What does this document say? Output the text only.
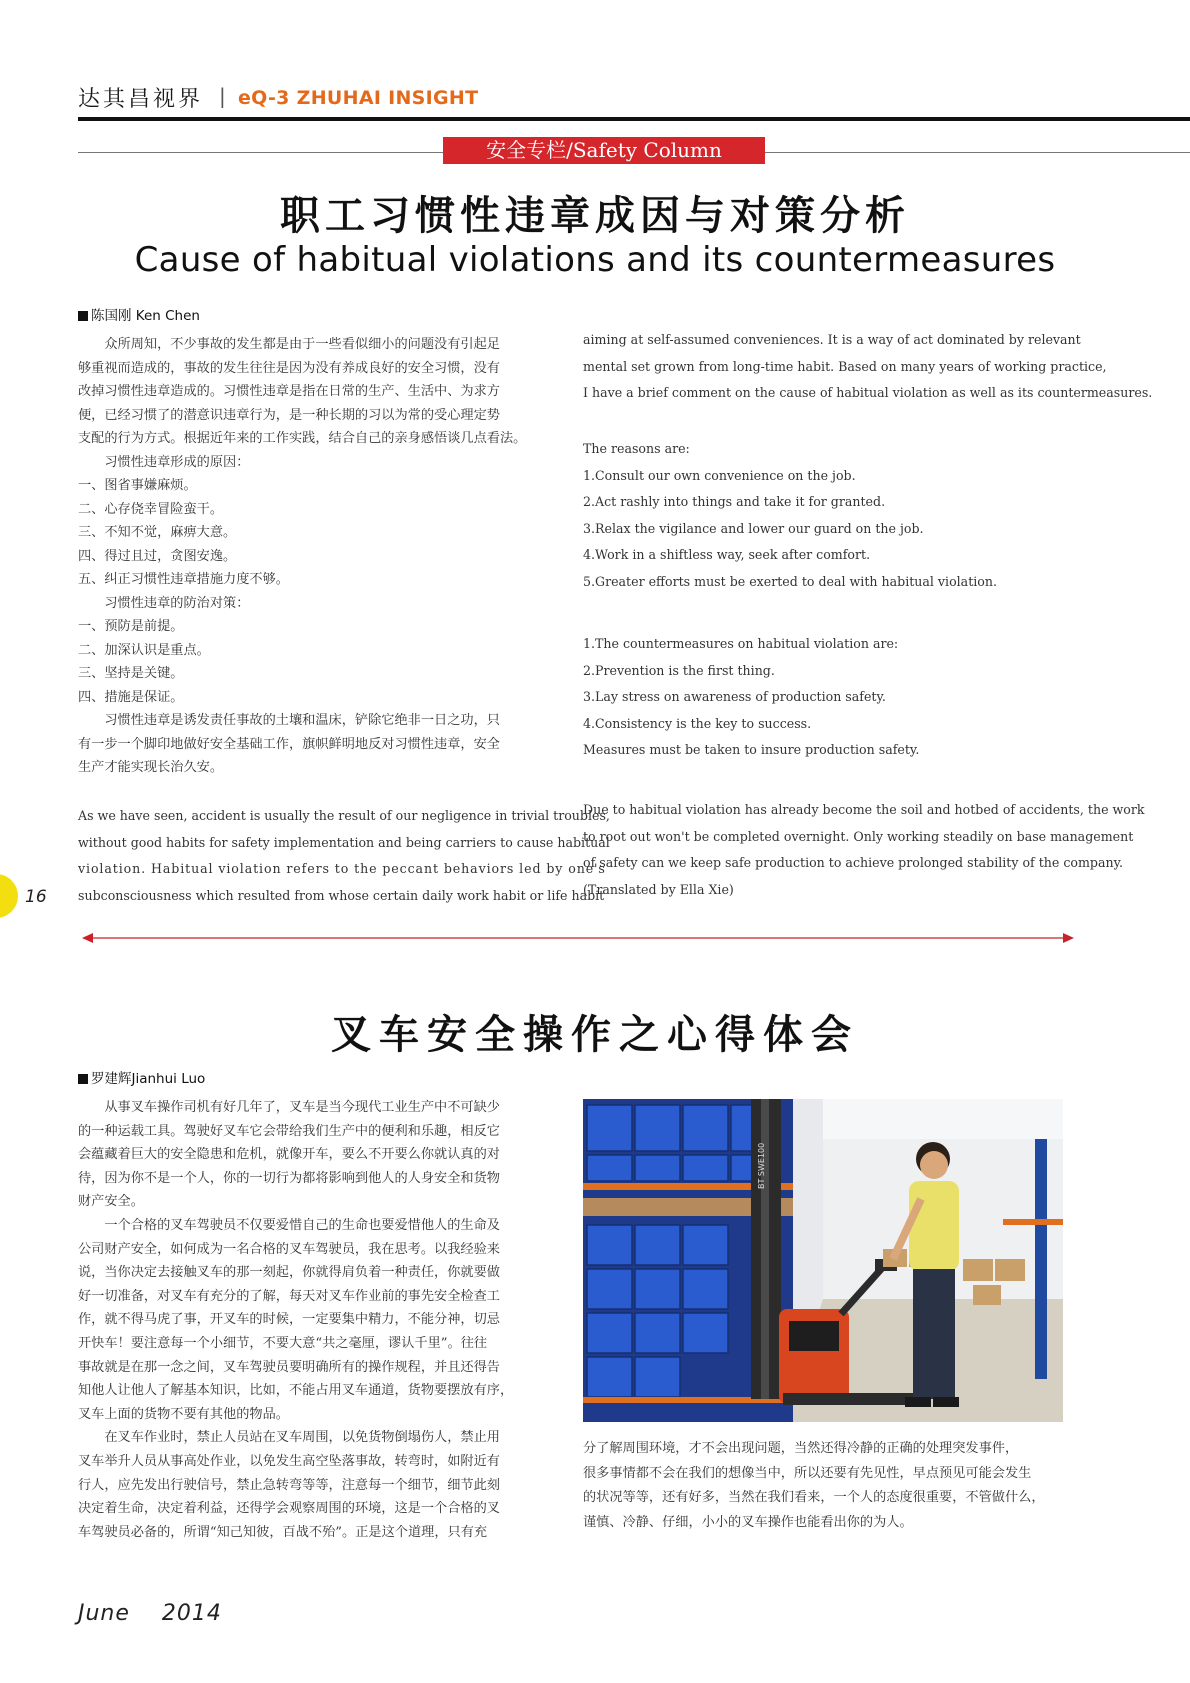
达其昌视界 | eQ-3 ZHUHAI INSIGHT
安全专栏/Safety Column
职工习惯性违章成因与对策分析
Cause of habitual violations and its countermeasures
陈国刚 Ken Chen
　　众所周知，不少事故的发生都是由于一些看似细小的问题没有引起足
够重视而造成的，事故的发生往往是因为没有养成良好的安全习惯，没有
改掉习惯性违章造成的。习惯性违章是指在日常的生产、生活中、为求方
便，已经习惯了的潜意识违章行为，是一种长期的习以为常的受心理定势
支配的行为方式。根据近年来的工作实践，结合自己的亲身感悟谈几点看法。
　　习惯性违章形成的原因：
一、图省事嫌麻烦。
二、心存侥幸冒险蛮干。
三、不知不觉，麻痹大意。
四、得过且过，贪图安逸。
五、纠正习惯性违章措施力度不够。
　　习惯性违章的防治对策：
一、预防是前提。
二、加深认识是重点。
三、坚持是关键。
四、措施是保证。
　　习惯性违章是诱发责任事故的土壤和温床，铲除它绝非一日之功，只
有一步一个脚印地做好安全基础工作，旗帜鲜明地反对习惯性违章，安全
生产才能实现长治久安。
As we have seen, accident is usually the result of our negligence in trivial troubles,
without good habits for safety implementation and being carriers to cause habitual
violation. Habitual violation refers to the peccant behaviors led by one's
subconsciousness which resulted from whose certain daily work habit or life habit
aiming at self-assumed conveniences. It is a way of act dominated by relevant
mental set grown from long-time habit. Based on many years of working practice,
I have a brief comment on the cause of habitual violation as well as its countermeasures.
The reasons are:
1.Consult our own convenience on the job.
2.Act rashly into things and take it for granted.
3.Relax the vigilance and lower our guard on the job.
4.Work in a shiftless way, seek after comfort.
5.Greater efforts must be exerted to deal with habitual violation.
1.The countermeasures on habitual violation are:
2.Prevention is the first thing.
3.Lay stress on awareness of production safety.
4.Consistency is the key to success.
Measures must be taken to insure production safety.
Due to habitual violation has already become the soil and hotbed of accidents, the work
to root out won't be completed overnight. Only working steadily on base management
of safety can we keep safe production to achieve prolonged stability of the company.
(Translated by Ella Xie)
16
叉车安全操作之心得体会
罗建辉Jianhui Luo
　　从事叉车操作司机有好几年了，叉车是当今现代工业生产中不可缺少
的一种运载工具。驾驶好叉车它会带给我们生产中的便利和乐趣，相反它
会蕴藏着巨大的安全隐患和危机，就像开车，要么不开要么你就认真的对
待，因为你不是一个人，你的一切行为都将影响到他人的人身安全和货物
财产安全。
　　一个合格的叉车驾驶员不仅要爱惜自己的生命也要爱惜他人的生命及
公司财产安全，如何成为一名合格的叉车驾驶员，我在思考。以我经验来
说，当你决定去接触叉车的那一刻起，你就得肩负着一种责任，你就要做
好一切准备，对叉车有充分的了解，每天对叉车作业前的事先安全检查工
作，就不得马虎了事，开叉车的时候，一定要集中精力，不能分神，切忌
开快车！要注意每一个小细节，不要大意“共之毫厘，谬认千里”。往往
事故就是在那一念之间，叉车驾驶员要明确所有的操作规程，并且还得告
知他人让他人了解基本知识，比如，不能占用叉车通道，货物要摆放有序，
叉车上面的货物不要有其他的物品。
　　在叉车作业时，禁止人员站在叉车周围，以免货物倒塌伤人，禁止用
叉车举升人员从事高处作业，以免发生高空坠落事故，转弯时，如附近有
行人，应先发出行驶信号，禁止急转弯等等，注意每一个细节，细节此刻
决定着生命，决定着利益，还得学会观察周围的环境，这是一个合格的叉
车驾驶员必备的，所谓“知己知彼，百战不殆”。正是这个道理，只有充
分了解周围环境，才不会出现问题，当然还得冷静的正确的处理突发事件，
很多事情都不会在我们的想像当中，所以还要有先见性，早点预见可能会发生
的状况等等，还有好多，当然在我们看来，一个人的态度很重要，不管做什么，
谨慎、冷静、仔细，小小的叉车操作也能看出你的为人。
BT SWE100
June 2014
